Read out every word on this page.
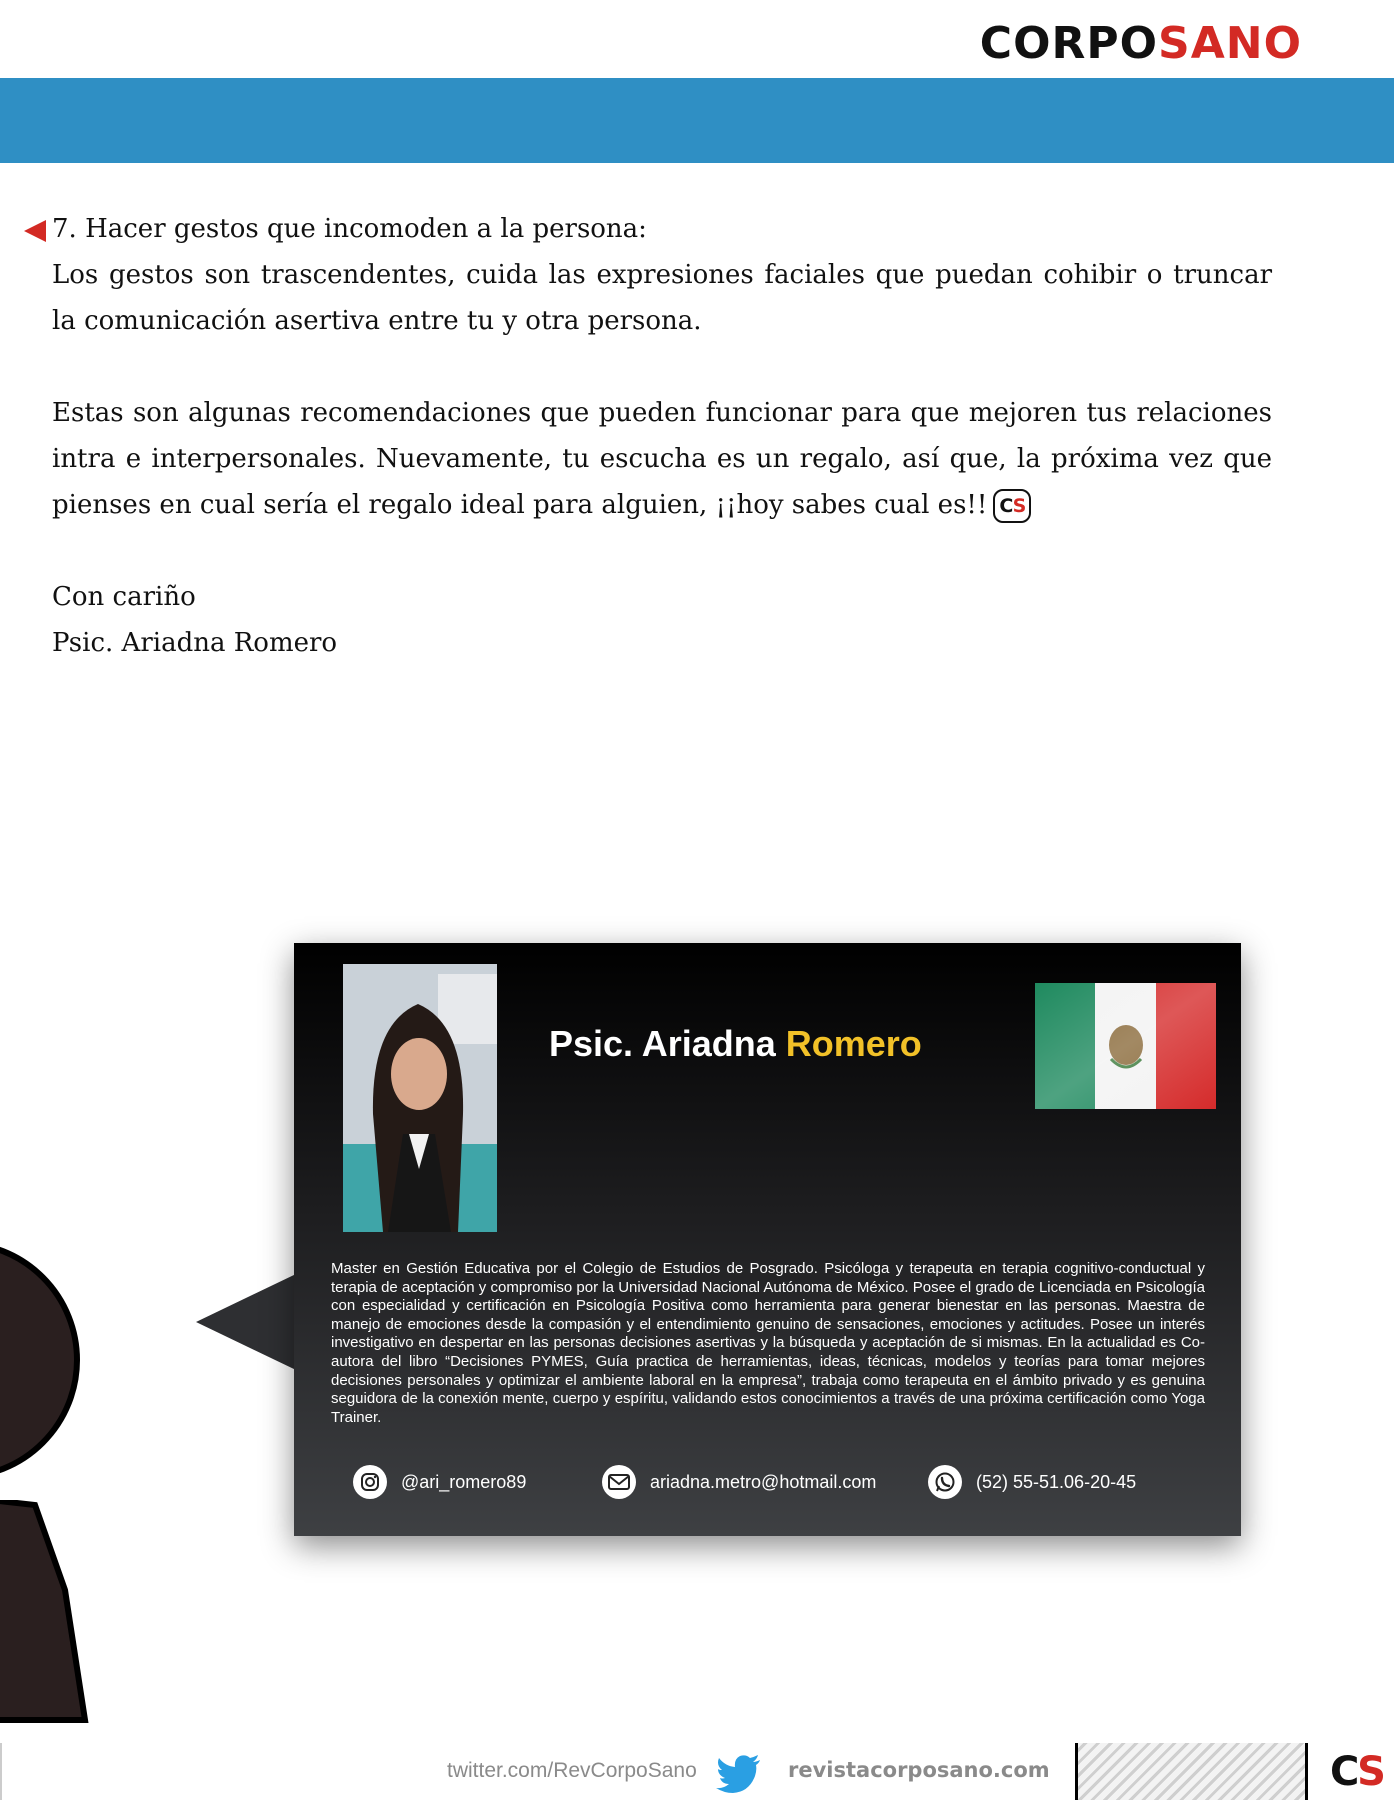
CORPOSANO

7. Hacer gestos que incomoden a la persona:

Los gestos son trascendentes, cuida las expresiones faciales que puedan cohibir o truncar la comunicación asertiva entre tu y otra persona.

Estas son algunas recomendaciones que pueden funcionar para que mejoren tus relaciones intra e interpersonales. Nuevamente, tu escucha es un regalo, así que, la próxima vez que pienses en cual sería el regalo ideal para alguien, ¡¡hoy sabes cual es!! CS

Con cariño

Psic. Ariadna Romero

Psic. Ariadna Romero
Master en Gestión Educativa por el Colegio de Estudios de Posgrado. Psicóloga y terapeuta en terapia cognitivo-conductual y terapia de aceptación y compromiso por la Universidad Nacional Autónoma de México. Posee el grado de Licenciada en Psicología con especialidad y certificación en Psicología Positiva como herramienta para generar bienestar en las personas. Maestra de manejo de emociones desde la compasión y el entendimiento genuino de sensaciones, emociones y actitudes. Posee un interés investigativo en despertar en las personas decisiones asertivas y la búsqueda y aceptación de si mismas. En la actualidad es Co- autora del libro “Decisiones PYMES, Guía practica de herramientas, ideas, técnicas, modelos y teorías para tomar mejores decisiones personales y optimizar el ambiente laboral en la empresa”, trabaja como terapeuta en el ámbito privado y es genuina seguidora de la conexión mente, cuerpo y espíritu, validando estos conocimientos a través de una próxima certificación como Yoga Trainer.
@ari_romero89	ariadna.metro@hotmail.com	(52) 55-51.06-20-45
twitter.com/RevCorpoSano	revistacorposano.com	CS
